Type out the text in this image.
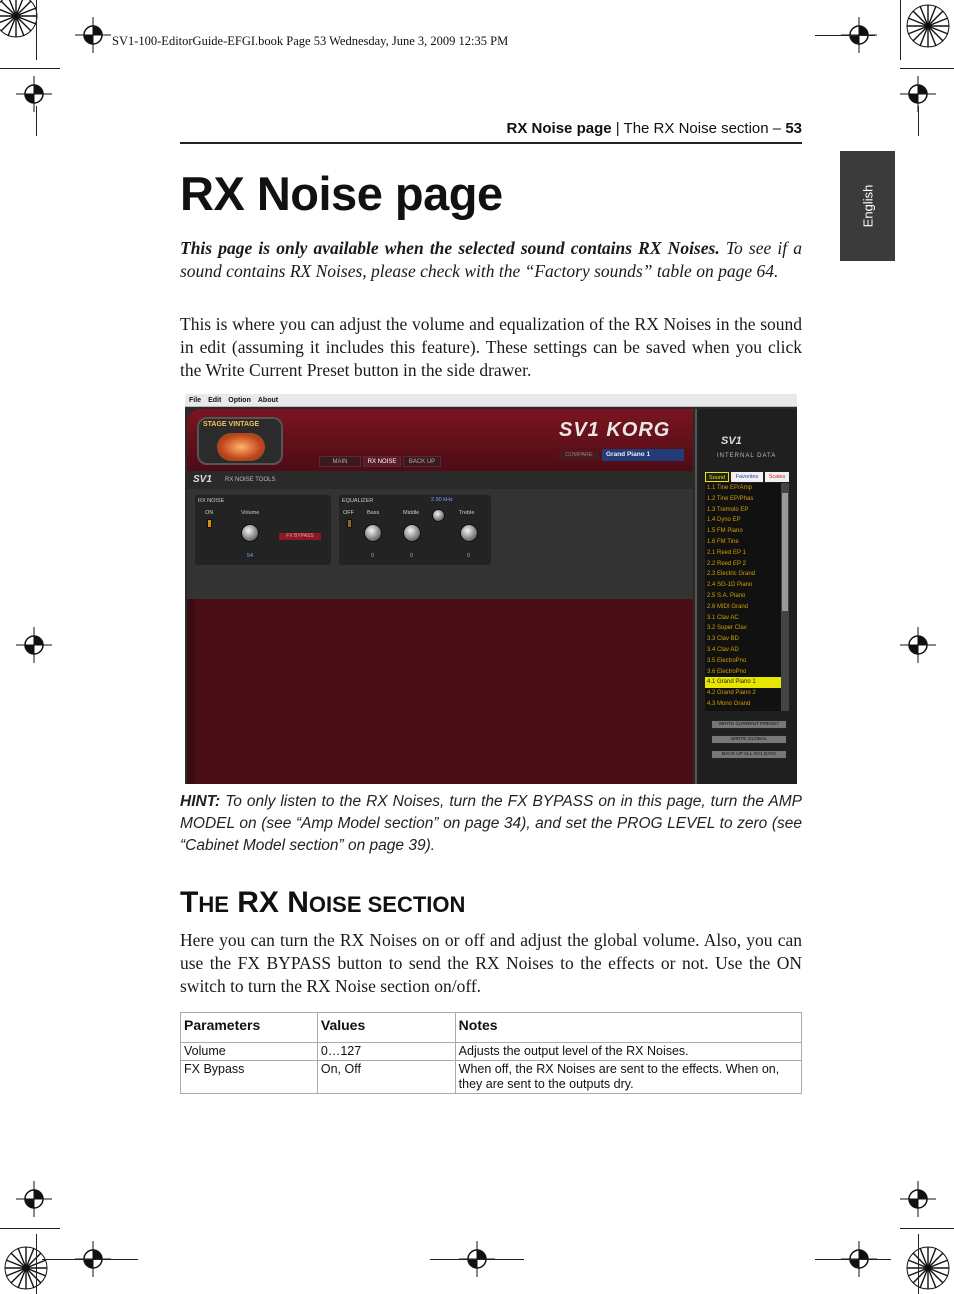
SV1-100-EditorGuide-EFGI.book Page 53 Wednesday, June 3, 2009 12:35 PM
RX Noise page | The RX Noise section – 53
English
RX Noise page

This page is only available when the selected sound contains RX Noises. To see if a sound contains RX Noises, please check with the “Factory sounds” table on page 64.

This is where you can adjust the volume and equalization of the RX Noises in the sound in edit (assuming it includes this feature). These settings can be saved when you click the Write Current Preset button in the side drawer.

File Edit Option About
STAGE VINTAGE	SV1 KORG
MAIN	RX NOISE	BACK UP
COMPARE	Grand Piano 1
SV1 RX NOISE TOOLS
RX NOISE
ON	Volume
FX BYPASS
54
EQUALIZER
OFF
2.90 kHz
Bass	Middle	Treble
0	0	0
SV1
INTERNAL DATA
Sound	Favorites	Scales
1.1 Tine EP/Amp
1.2 Tine EP/Phas
1.3 Tremolo EP
1.4 Dyno EP
1.5 FM Piano
1.6 FM Tine
2.1 Reed EP 1
2.2 Reed EP 2
2.3 Electric Grand
2.4 SG-1D Piano
2.5 S.A. Piano
2.6 MIDI Grand
3.1 Clav AC
3.2 Super Clav
3.3 Clav BD
3.4 Clav AD
3.5 ElectroPno
3.6 ElectroPno
4.1 Grand Piano 1
4.2 Grand Piano 2
4.3 Mono Grand
WRITE CURRENT PRESET
WRITE GLOBAL
BACK UP ALL SV1 DATA

HINT: To only listen to the RX Noises, turn the FX BYPASS on in this page, turn the AMP MODEL on (see “Amp Model section” on page 34), and set the PROG LEVEL to zero (see “Cabinet Model section” on page 39).

THE RX NOISE SECTION

Here you can turn the RX Noises on or off and adjust the global volume. Also, you can use the FX BYPASS button to send the RX Noises to the effects or not. Use the ON switch to turn the RX Noise section on/off.

Parameters	Values	Notes
Volume	0…127	Adjusts the output level of the RX Noises.
FX Bypass	On, Off	When off, the RX Noises are sent to the effects. When on, they are sent to the outputs dry.
